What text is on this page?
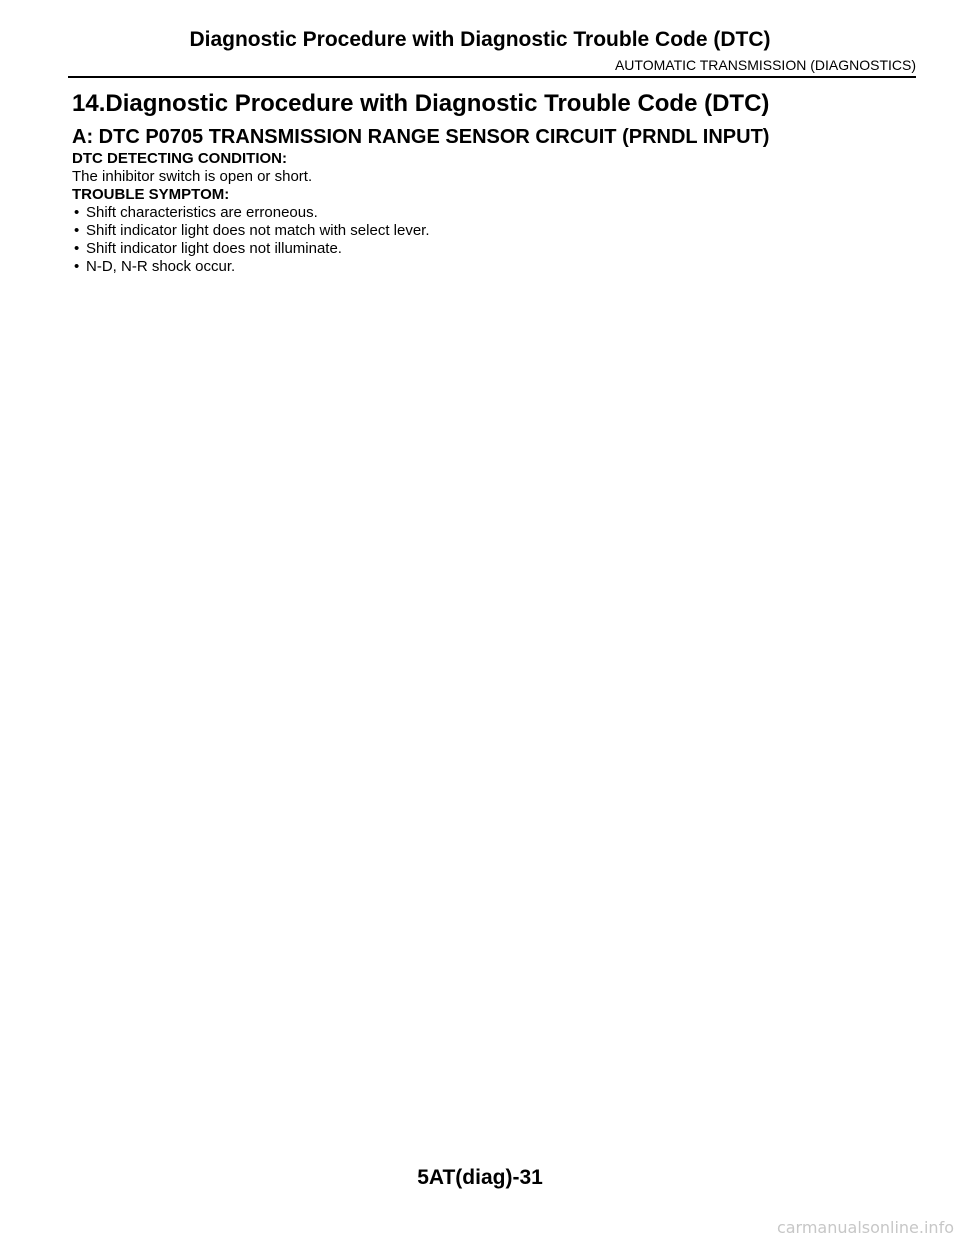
Diagnostic Procedure with Diagnostic Trouble Code (DTC)
AUTOMATIC TRANSMISSION (DIAGNOSTICS)
14.Diagnostic Procedure with Diagnostic Trouble Code (DTC)
A: DTC P0705 TRANSMISSION RANGE SENSOR CIRCUIT (PRNDL INPUT)
DTC DETECTING CONDITION:
The inhibitor switch is open or short.
TROUBLE SYMPTOM:
• Shift characteristics are erroneous.
• Shift indicator light does not match with select lever.
• Shift indicator light does not illuminate.
• N-D, N-R shock occur.
5AT(diag)-31
carmanualsonline.info
